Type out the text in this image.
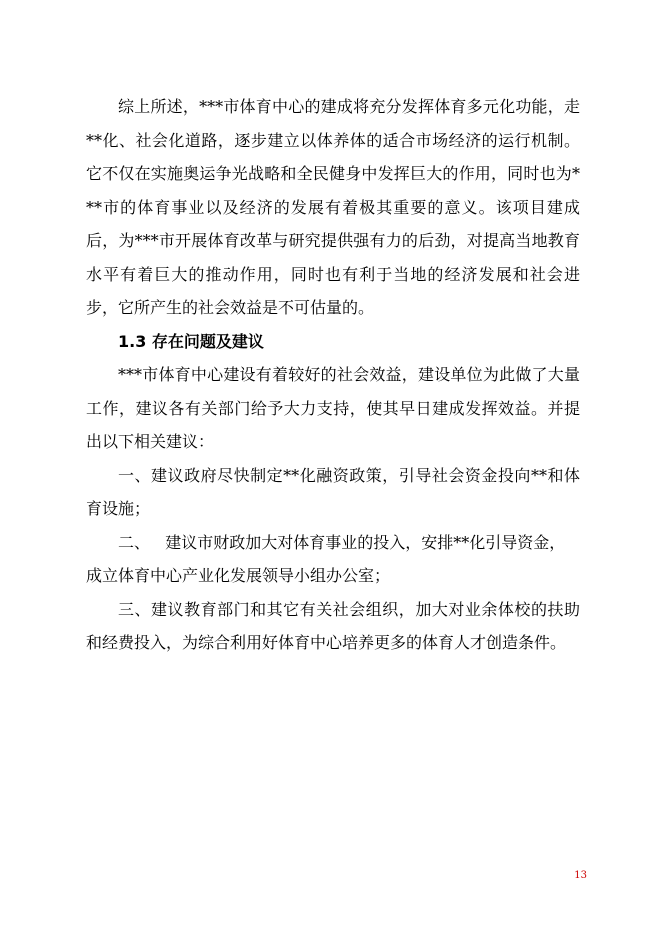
综上所述，***市体育中心的建成将充分发挥体育多元化功能，走**化、社会化道路，逐步建立以体养体的适合市场经济的运行机制。它不仅在实施奥运争光战略和全民健身中发挥巨大的作用，同时也为***市的体育事业以及经济的发展有着极其重要的意义。该项目建成后，为***市开展体育改革与研究提供强有力的后劲，对提高当地教育水平有着巨大的推动作用，同时也有利于当地的经济发展和社会进步，它所产生的社会效益是不可估量的。

1.3 存在问题及建议

***市体育中心建设有着较好的社会效益，建设单位为此做了大量工作，建议各有关部门给予大力支持，使其早日建成发挥效益。并提出以下相关建议：

一、建议政府尽快制定**化融资政策，引导社会资金投向**和体育设施；

二、   建议市财政加大对体育事业的投入，安排**化引导资金，

成立体育中心产业化发展领导小组办公室；

三、建议教育部门和其它有关社会组织，加大对业余体校的扶助和经费投入，为综合利用好体育中心培养更多的体育人才创造条件。

13
